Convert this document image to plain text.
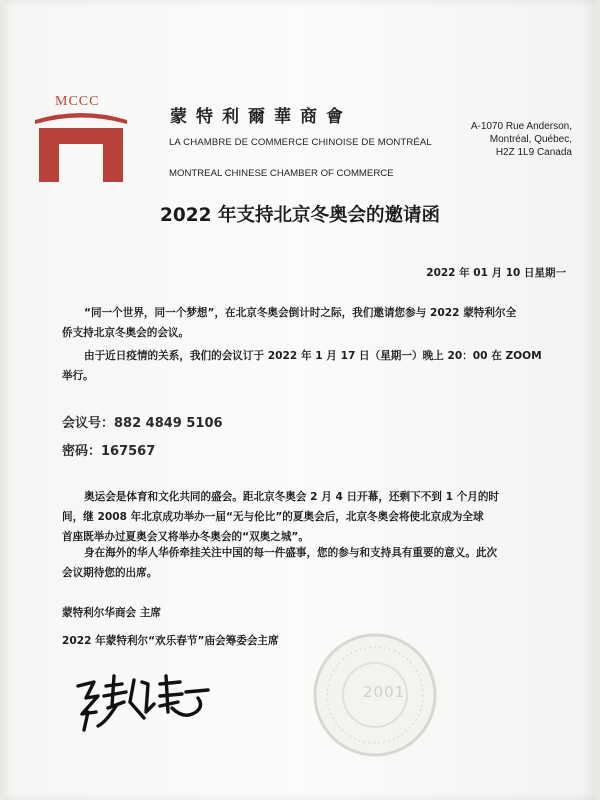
MCCC
蒙特利爾華商會
LA CHAMBRE DE COMMERCE CHINOISE DE MONTRÉAL
MONTREAL CHINESE CHAMBER OF COMMERCE
A-1070 Rue Anderson,
Montréal, Québec,
H2Z 1L9 Canada
2022 年支持北京冬奥会的邀请函
2022 年 01 月 10 日星期一
“同一个世界，同一个梦想”，在北京冬奥会倒计时之际，我们邀请您参与 2022 蒙特利尔全
侨支持北京冬奥会的会议。
由于近日疫情的关系，我们的会议订于 2022 年 1 月 17 日（星期一）晚上 20：00 在 ZOOM
举行。
会议号：882 4849 5106
密码：167567
奥运会是体育和文化共同的盛会。距北京冬奥会 2 月 4 日开幕，还剩下不到 1 个月的时
间，继 2008 年北京成功举办一届“无与伦比”的夏奥会后，北京冬奥会将使北京成为全球
首座既举办过夏奥会又将举办冬奥会的“双奥之城”。
身在海外的华人华侨牵挂关注中国的每一件盛事，您的参与和支持具有重要的意义。此次
会议期待您的出席。
蒙特利尔华商会 主席
2022 年蒙特利尔“欢乐春节”庙会筹委会主席
2001
